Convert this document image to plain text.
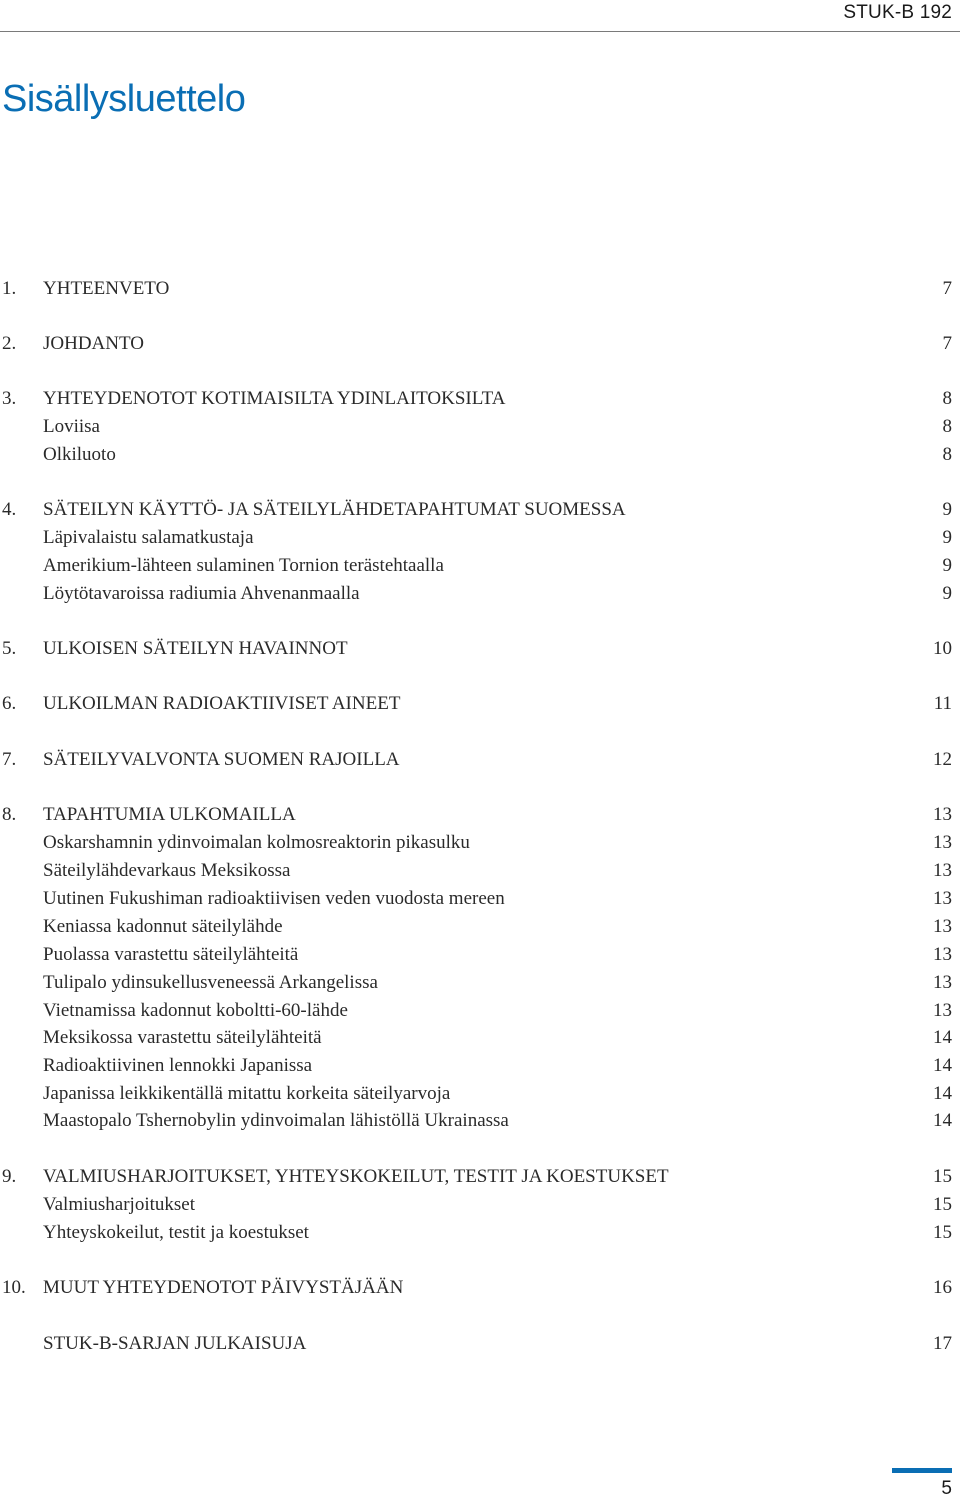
STUK-B 192
Sisällysluettelo
1. YHTEENVETO	7
2. JOHDANTO	7
3. YHTEYDENOTOT KOTIMAISILTA YDINLAITOKSILTA	8
Loviisa	8
Olkiluoto	8
4. SÄTEILYN KÄYTTÖ- JA SÄTEILYLÄHDETAPAHTUMAT SUOMESSA	9
Läpivalaistu salamatkustaja	9
Amerikium-lähteen sulaminen Tornion terästehtaalla	9
Löytötavaroissa radiumia Ahvenanmaalla	9
5. ULKOISEN SÄTEILYN HAVAINNOT	10
6. ULKOILMAN RADIOAKTIIVISET AINEET	11
7. SÄTEILYVALVONTA SUOMEN RAJOILLA	12
8. TAPAHTUMIA ULKOMAILLA	13
Oskarshamnin ydinvoimalan kolmosreaktorin pikasulku	13
Säteilylähdevarkaus Meksikossa	13
Uutinen Fukushiman radioaktiivisen veden vuodosta mereen	13
Keniassa kadonnut säteilylähde	13
Puolassa varastettu säteilylähteitä	13
Tulipalo ydinsukellusveneessä Arkangelissa	13
Vietnamissa kadonnut koboltti-60-lähde	13
Meksikossa varastettu säteilylähteitä	14
Radioaktiivinen lennokki Japanissa	14
Japanissa leikkikentällä mitattu korkeita säteilyarvoja	14
Maastopalo Tshernobylin ydinvoimalan lähistöllä Ukrainassa	14
9. VALMIUSHARJOITUKSET, YHTEYSKOKEILUT, TESTIT JA KOESTUKSET	15
Valmiusharjoitukset	15
Yhteyskokeilut, testit ja koestukset	15
10. MUUT YHTEYDENOTOT PÄIVYSTÄJÄÄN	16
STUK-B-SARJAN JULKAISUJA	17
5
